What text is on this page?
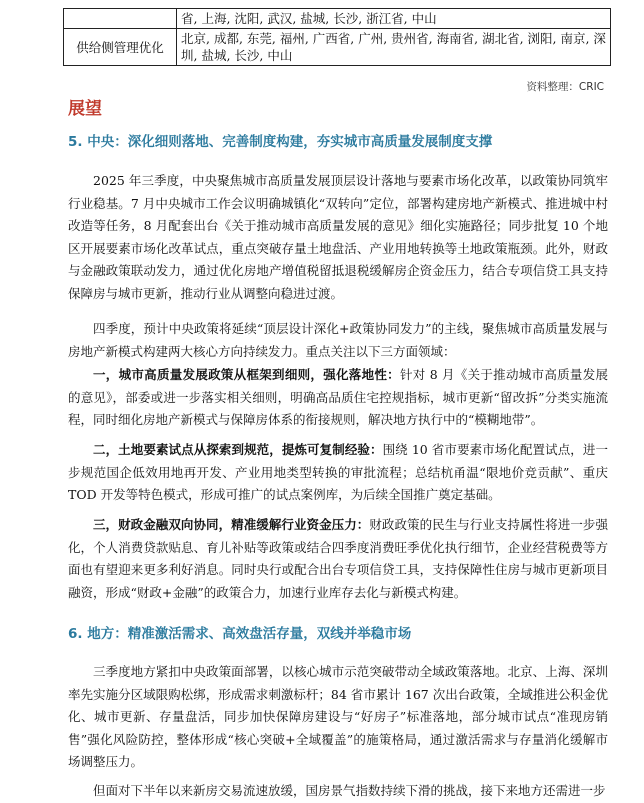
	省, 上海, 沈阳, 武汉, 盐城, 长沙, 浙江省, 中山
供给侧管理优化	北京, 成都, 东莞, 福州, 广西省, 广州, 贵州省, 海南省, 湖北省, 浏阳, 南京, 深圳, 盐城, 长沙, 中山
资料整理：CRIC
展望
5. 中央：深化细则落地、完善制度构建，夯实城市高质量发展制度支撑

2025 年三季度，中央聚焦城市高质量发展顶层设计落地与要素市场化改革，以政策协同筑牢行业稳基。7 月中央城市工作会议明确城镇化“双转向”定位，部署构建房地产新模式、推进城中村改造等任务，8 月配套出台《关于推动城市高质量发展的意见》细化实施路径；同步批复 10 个地区开展要素市场化改革试点，重点突破存量土地盘活、产业用地转换等土地政策瓶颈。此外，财政与金融政策联动发力，通过优化房地产增值税留抵退税缓解房企资金压力，结合专项信贷工具支持保障房与城市更新，推动行业从调整向稳进过渡。

四季度，预计中央政策将延续“顶层设计深化+政策协同发力”的主线，聚焦城市高质量发展与房地产新模式构建两大核心方向持续发力。重点关注以下三方面领域：

一，城市高质量发展政策从框架到细则，强化落地性：针对 8 月《关于推动城市高质量发展的意见》，部委或进一步落实相关细则，明确高品质住宅控规指标，城市更新“留改拆”分类实施流程，同时细化房地产新模式与保障房体系的衔接规则，解决地方执行中的“模糊地带”。

二，土地要素试点从探索到规范，提炼可复制经验：围绕 10 省市要素市场化配置试点，进一步规范国企低效用地再开发、产业用地类型转换的审批流程；总结杭甬温“限地价竞贡献”、重庆 TOD 开发等特色模式，形成可推广的试点案例库，为后续全国推广奠定基础。

三，财政金融双向协同，精准缓解行业资金压力：财政政策的民生与行业支持属性将进一步强化，个人消费贷款贴息、育儿补贴等政策或结合四季度消费旺季优化执行细节，企业经营税费等方面也有望迎来更多利好消息。同时央行或配合出台专项信贷工具，支持保障性住房与城市更新项目融资，形成“财政+金融”的政策合力，加速行业库存去化与新模式构建。

6. 地方：精准激活需求、高效盘活存量，双线并举稳市场

三季度地方紧扣中央政策面部署，以核心城市示范突破带动全域政策落地。北京、上海、深圳率先实施分区域限购松绑，形成需求刺激标杆；84 省市累计 167 次出台政策，全域推进公积金优化、城市更新、存量盘活，同步加快保障房建设与“好房子”标准落地，部分城市试点“准现房销售”强化风险防控，整体形成“核心突破+全域覆盖”的施策格局，通过激活需求与存量消化缓解市场调整压力。

但面对下半年以来新房交易流速放缓，国房景气指数持续下滑的挑战，接下来地方还需进一步
